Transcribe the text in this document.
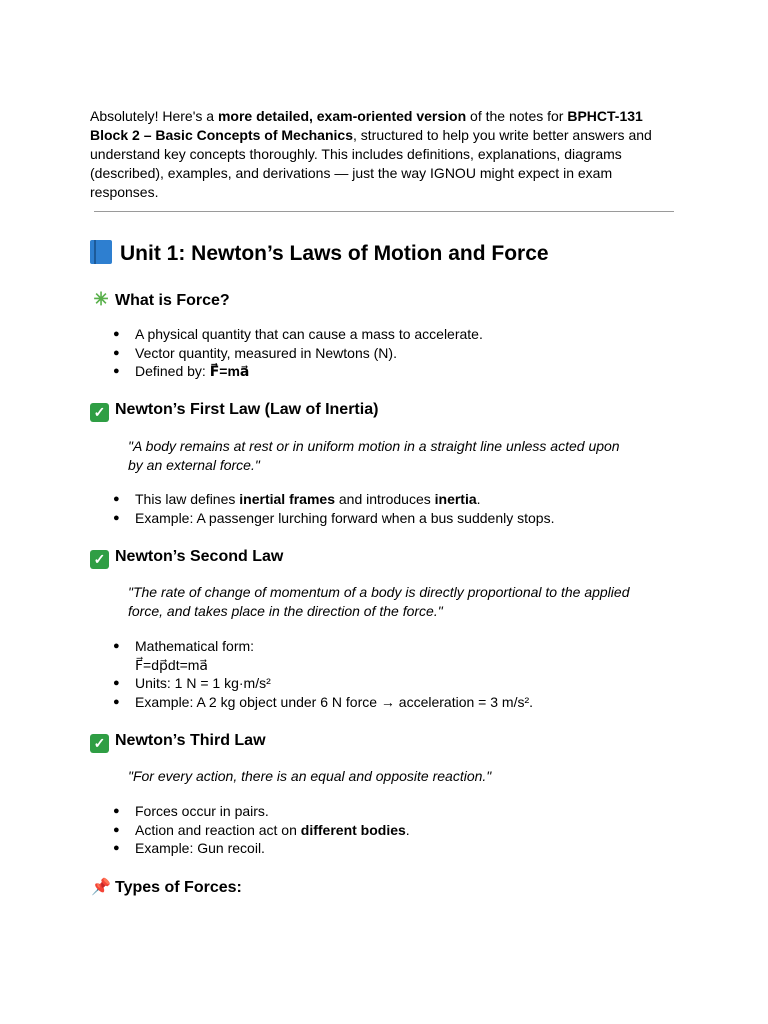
Absolutely! Here's a more detailed, exam-oriented version of the notes for BPHCT-131 Block 2 – Basic Concepts of Mechanics, structured to help you write better answers and understand key concepts thoroughly. This includes definitions, explanations, diagrams (described), examples, and derivations — just the way IGNOU might expect in exam responses.

Unit 1: Newton’s Laws of Motion and Force
✳ What is Force?
● A physical quantity that can cause a mass to accelerate.
● Vector quantity, measured in Newtons (N).
● Defined by: F⃗=ma⃗
✓ Newton’s First Law (Law of Inertia)

"A body remains at rest or in uniform motion in a straight line unless acted upon by an external force."

● This law defines inertial frames and introduces inertia.
● Example: A passenger lurching forward when a bus suddenly stops.
✓ Newton’s Second Law

"The rate of change of momentum of a body is directly proportional to the applied force, and takes place in the direction of the force."

● Mathematical form:
F⃗=dp⃗dt=ma⃗
● Units: 1 N = 1 kg·m/s²
● Example: A 2 kg object under 6 N force → acceleration = 3 m/s².
✓ Newton’s Third Law

"For every action, there is an equal and opposite reaction."

● Forces occur in pairs.
● Action and reaction act on different bodies.
● Example: Gun recoil.
📌 Types of Forces:
